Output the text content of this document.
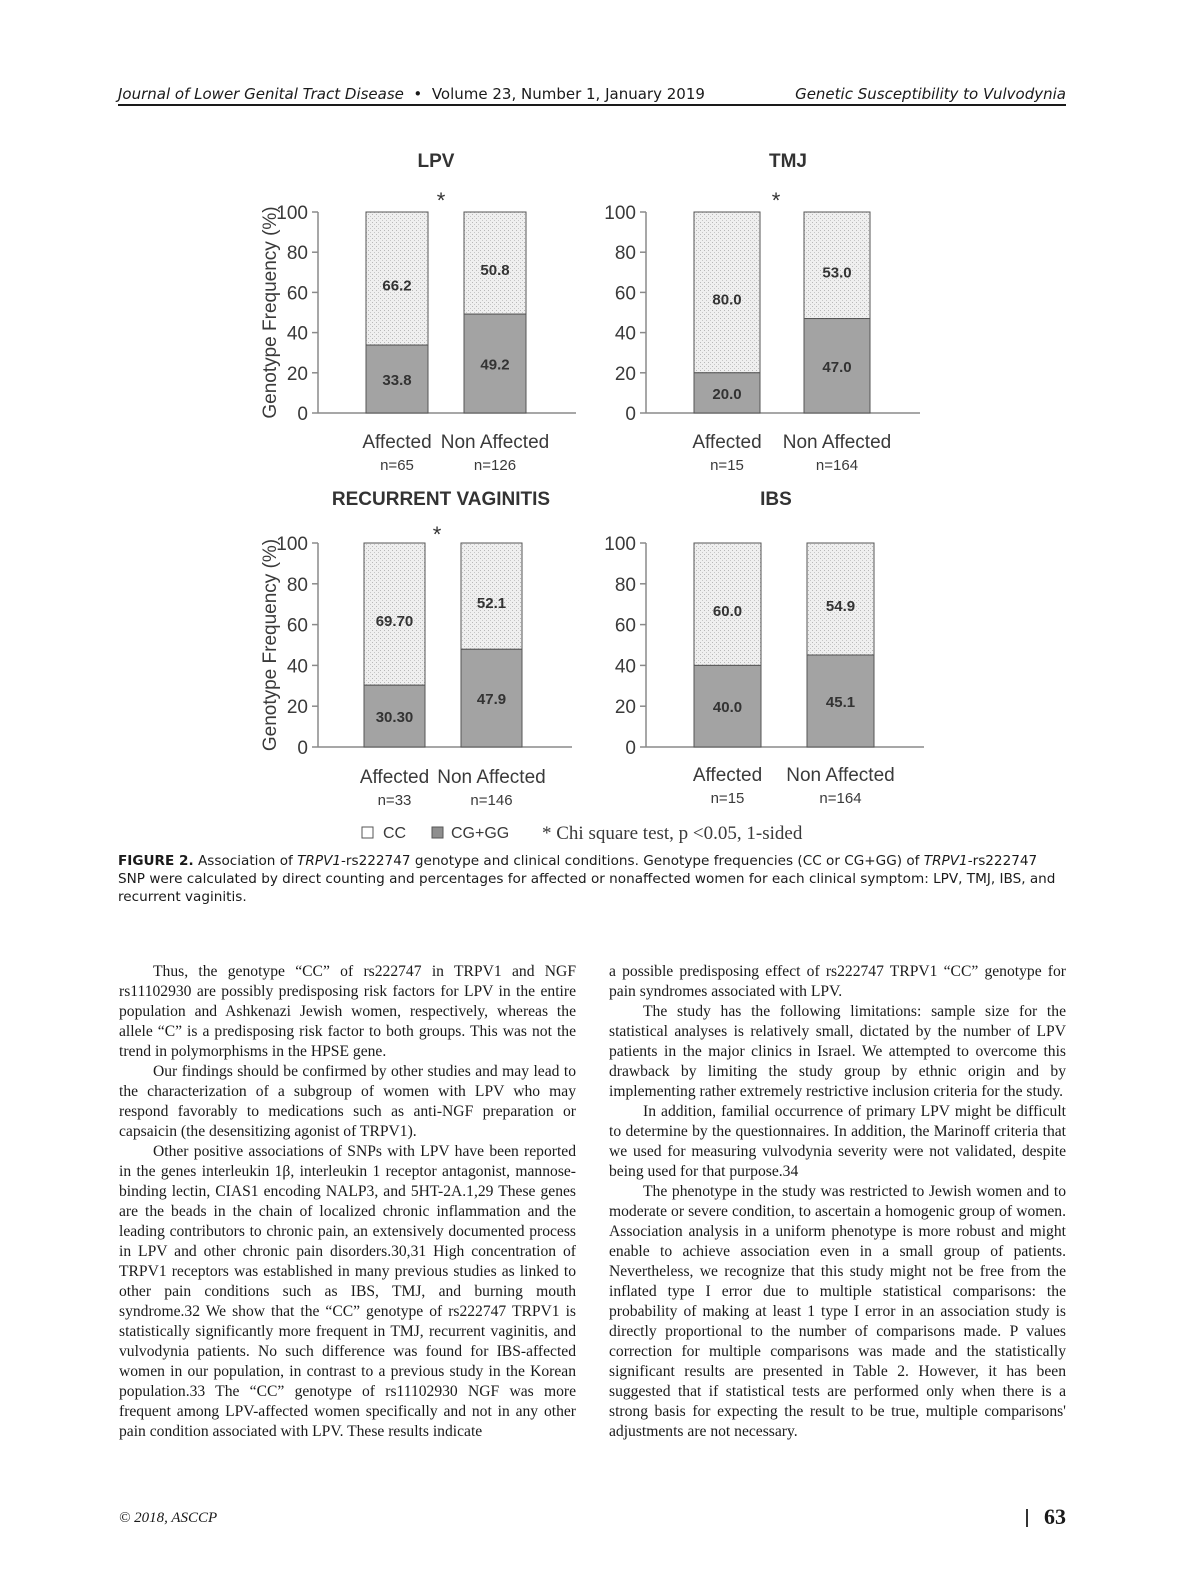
Journal of Lower Genital Tract Disease  •  Volume 23, Number 1, January 2019	Genetic Susceptibility to Vulvodynia
LPV
*
Genotype Frequency (%) 0
20
40
60
80
100
33.8
66.2
Affected
n=65
49.2
50.8
Non Affected
n=126
TMJ
*
0
20
40
60
80
100
20.0
80.0
Affected
n=15
47.0
53.0
Non Affected
n=164
RECURRENT VAGINITIS
*
Genotype Frequency (%) 0
20
40
60
80
100
30.30
69.70
Affected
n=33
47.9
52.1
Non Affected
n=146
IBS
0
20
40
60
80
100
40.0
60.0
Affected
n=15
45.1
54.9
Non Affected
n=164
CC	CG+GG * Chi square test, p <0.05, 1-sided
FIGURE 2. Association of TRPV1-rs222747 genotype and clinical conditions. Genotype frequencies (CC or CG+GG) of TRPV1-rs222747 SNP were calculated by direct counting and percentages for affected or nonaffected women for each clinical symptom: LPV, TMJ, IBS, and recurrent vaginitis.

Thus, the genotype “CC” of rs222747 in TRPV1 and NGF rs11102930 are possibly predisposing risk factors for LPV in the entire population and Ashkenazi Jewish women, respectively, whereas the allele “C” is a predisposing risk factor to both groups. This was not the trend in polymorphisms in the HPSE gene.

Our findings should be confirmed by other studies and may lead to the characterization of a subgroup of women with LPV who may respond favorably to medications such as anti-NGF preparation or capsaicin (the desensitizing agonist of TRPV1).

Other positive associations of SNPs with LPV have been reported in the genes interleukin 1β, interleukin 1 receptor antagonist, mannose-binding lectin, CIAS1 encoding NALP3, and 5HT-2A.1,29 These genes are the beads in the chain of localized chronic inflammation and the leading contributors to chronic pain, an extensively documented process in LPV and other chronic pain disorders.30,31 High concentration of TRPV1 receptors was established in many previous studies as linked to other pain conditions such as IBS, TMJ, and burning mouth syndrome.32 We show that the “CC” genotype of rs222747 TRPV1 is statistically significantly more frequent in TMJ, recurrent vaginitis, and vulvodynia patients. No such difference was found for IBS-affected women in our population, in contrast to a previous study in the Korean population.33 The “CC” genotype of rs11102930 NGF was more frequent among LPV-affected women specifically and not in any other pain condition associated with LPV. These results indicate

a possible predisposing effect of rs222747 TRPV1 “CC” genotype for pain syndromes associated with LPV.

The study has the following limitations: sample size for the statistical analyses is relatively small, dictated by the number of LPV patients in the major clinics in Israel. We attempted to overcome this drawback by limiting the study group by ethnic origin and by implementing rather extremely restrictive inclusion criteria for the study.

In addition, familial occurrence of primary LPV might be difficult to determine by the questionnaires. In addition, the Marinoff criteria that we used for measuring vulvodynia severity were not validated, despite being used for that purpose.34

The phenotype in the study was restricted to Jewish women and to moderate or severe condition, to ascertain a homogenic group of women. Association analysis in a uniform phenotype is more robust and might enable to achieve association even in a small group of patients. Nevertheless, we recognize that this study might not be free from the inflated type I error due to multiple statistical comparisons: the probability of making at least 1 type I error in an association study is directly proportional to the number of comparisons made. P values correction for multiple comparisons was made and the statistically significant results are presented in Table 2. However, it has been suggested that if statistical tests are performed only when there is a strong basis for expecting the result to be true, multiple comparisons' adjustments are not necessary.

© 2018, ASCCP	63
